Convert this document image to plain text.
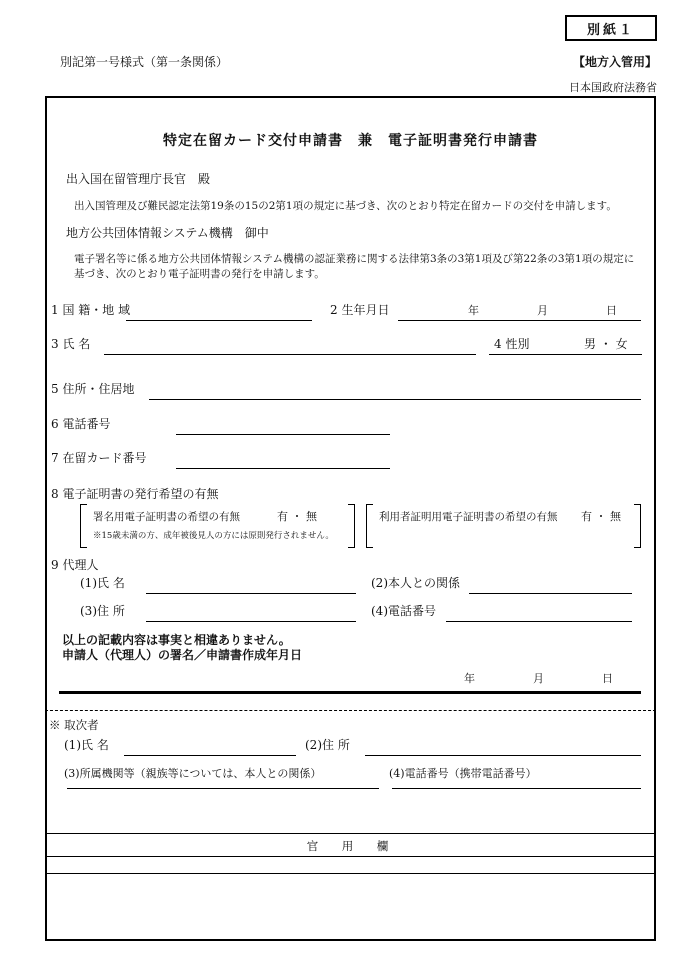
別紙１
別記第一号様式（第一条関係）	【地方入管用】
日本国政府法務省
特定在留カード交付申請書　兼　電子証明書発行申請書
出入国在留管理庁長官　殿
出入国管理及び難民認定法第19条の15の2第1項の規定に基づき、次のとおり特定在留カードの交付を申請します。
地方公共団体情報システム機構　御中
電子署名等に係る地方公共団体情報システム機構の認証業務に関する法律第3条の3第1項及び第22条の3第1項の規定に基づき、次のとおり電子証明書の発行を申請します。
1 国 籍・地 域	2 生年月日	年	月	日
3 氏 名	4 性別	男 ・ 女
5 住所・住居地
6 電話番号
7 在留カード番号
8 電子証明書の発行希望の有無
署名用電子証明書の希望の有無	有 ・ 無
※15歳未満の方、成年被後見人の方には原則発行されません。
利用者証明用電子証明書の希望の有無 有 ・ 無
9 代理人
(1)氏 名	(2)本人との関係
(3)住 所	(4)電話番号
以上の記載内容は事実と相違ありません。
申請人（代理人）の署名／申請書作成年月日
年	月	日
※ 取次者
(1)氏 名	(2)住 所
(3)所属機関等（親族等については、本人との関係）	(4)電話番号（携帯電話番号）
官　用　欄
